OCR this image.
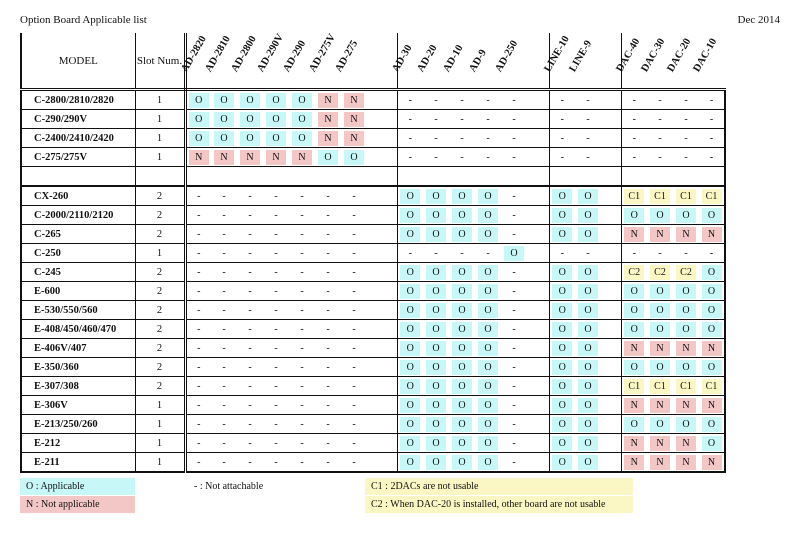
Option Board Applicable list	Dec 2014
MODEL	Slot Num.	AD-2820	AD-2810	AD-2800	AD-290V	AD-290	AD-275V	AD-275		AD-30	AD-20	AD-10	AD-9	AD-250		LINE-10	LINE-9		DAC-40	DAC-30	DAC-20	DAC-10

C-2800/2810/2820	1	O	O	O	O	O	N	N		-	-	-	-	-		-	-		-	-	-	-
C-290/290V	1	O	O	O	O	O	N	N		-	-	-	-	-		-	-		-	-	-	-
C-2400/2410/2420	1	O	O	O	O	O	N	N		-	-	-	-	-		-	-		-	-	-	-
C-275/275V	1	N	N	N	N	N	O	O		-	-	-	-	-		-	-		-	-	-	-

CX-260	2	-	-	-	-	-	-	-		O	O	O	O	-		O	O		C1	C1	C1	C1
C-2000/2110/2120	2	-	-	-	-	-	-	-		O	O	O	O	-		O	O		O	O	O	O
C-265	2	-	-	-	-	-	-	-		O	O	O	O	-		O	O		N	N	N	N
C-250	1	-	-	-	-	-	-	-		-	-	-	-	O		-	-		-	-	-	-
C-245	2	-	-	-	-	-	-	-		O	O	O	O	-		O	O		C2	C2	C2	O
E-600	2	-	-	-	-	-	-	-		O	O	O	O	-		O	O		O	O	O	O
E-530/550/560	2	-	-	-	-	-	-	-		O	O	O	O	-		O	O		O	O	O	O
E-408/450/460/470	2	-	-	-	-	-	-	-		O	O	O	O	-		O	O		O	O	O	O
E-406V/407	2	-	-	-	-	-	-	-		O	O	O	O	-		O	O		N	N	N	N
E-350/360	2	-	-	-	-	-	-	-		O	O	O	O	-		O	O		O	O	O	O
E-307/308	2	-	-	-	-	-	-	-		O	O	O	O	-		O	O		C1	C1	C1	C1
E-306V	1	-	-	-	-	-	-	-		O	O	O	O	-		O	O		N	N	N	N
E-213/250/260	1	-	-	-	-	-	-	-		O	O	O	O	-		O	O		O	O	O	O
E-212	1	-	-	-	-	-	-	-		O	O	O	O	-		O	O		N	N	N	O
E-211	1	-	-	-	-	-	-	-		O	O	O	O	-		O	O		N	N	N	N
O : Applicable
N : Not applicable
- : Not attachable	C1 : 2DACs are not usable
C2 : When DAC-20 is installed, other board are not usable
